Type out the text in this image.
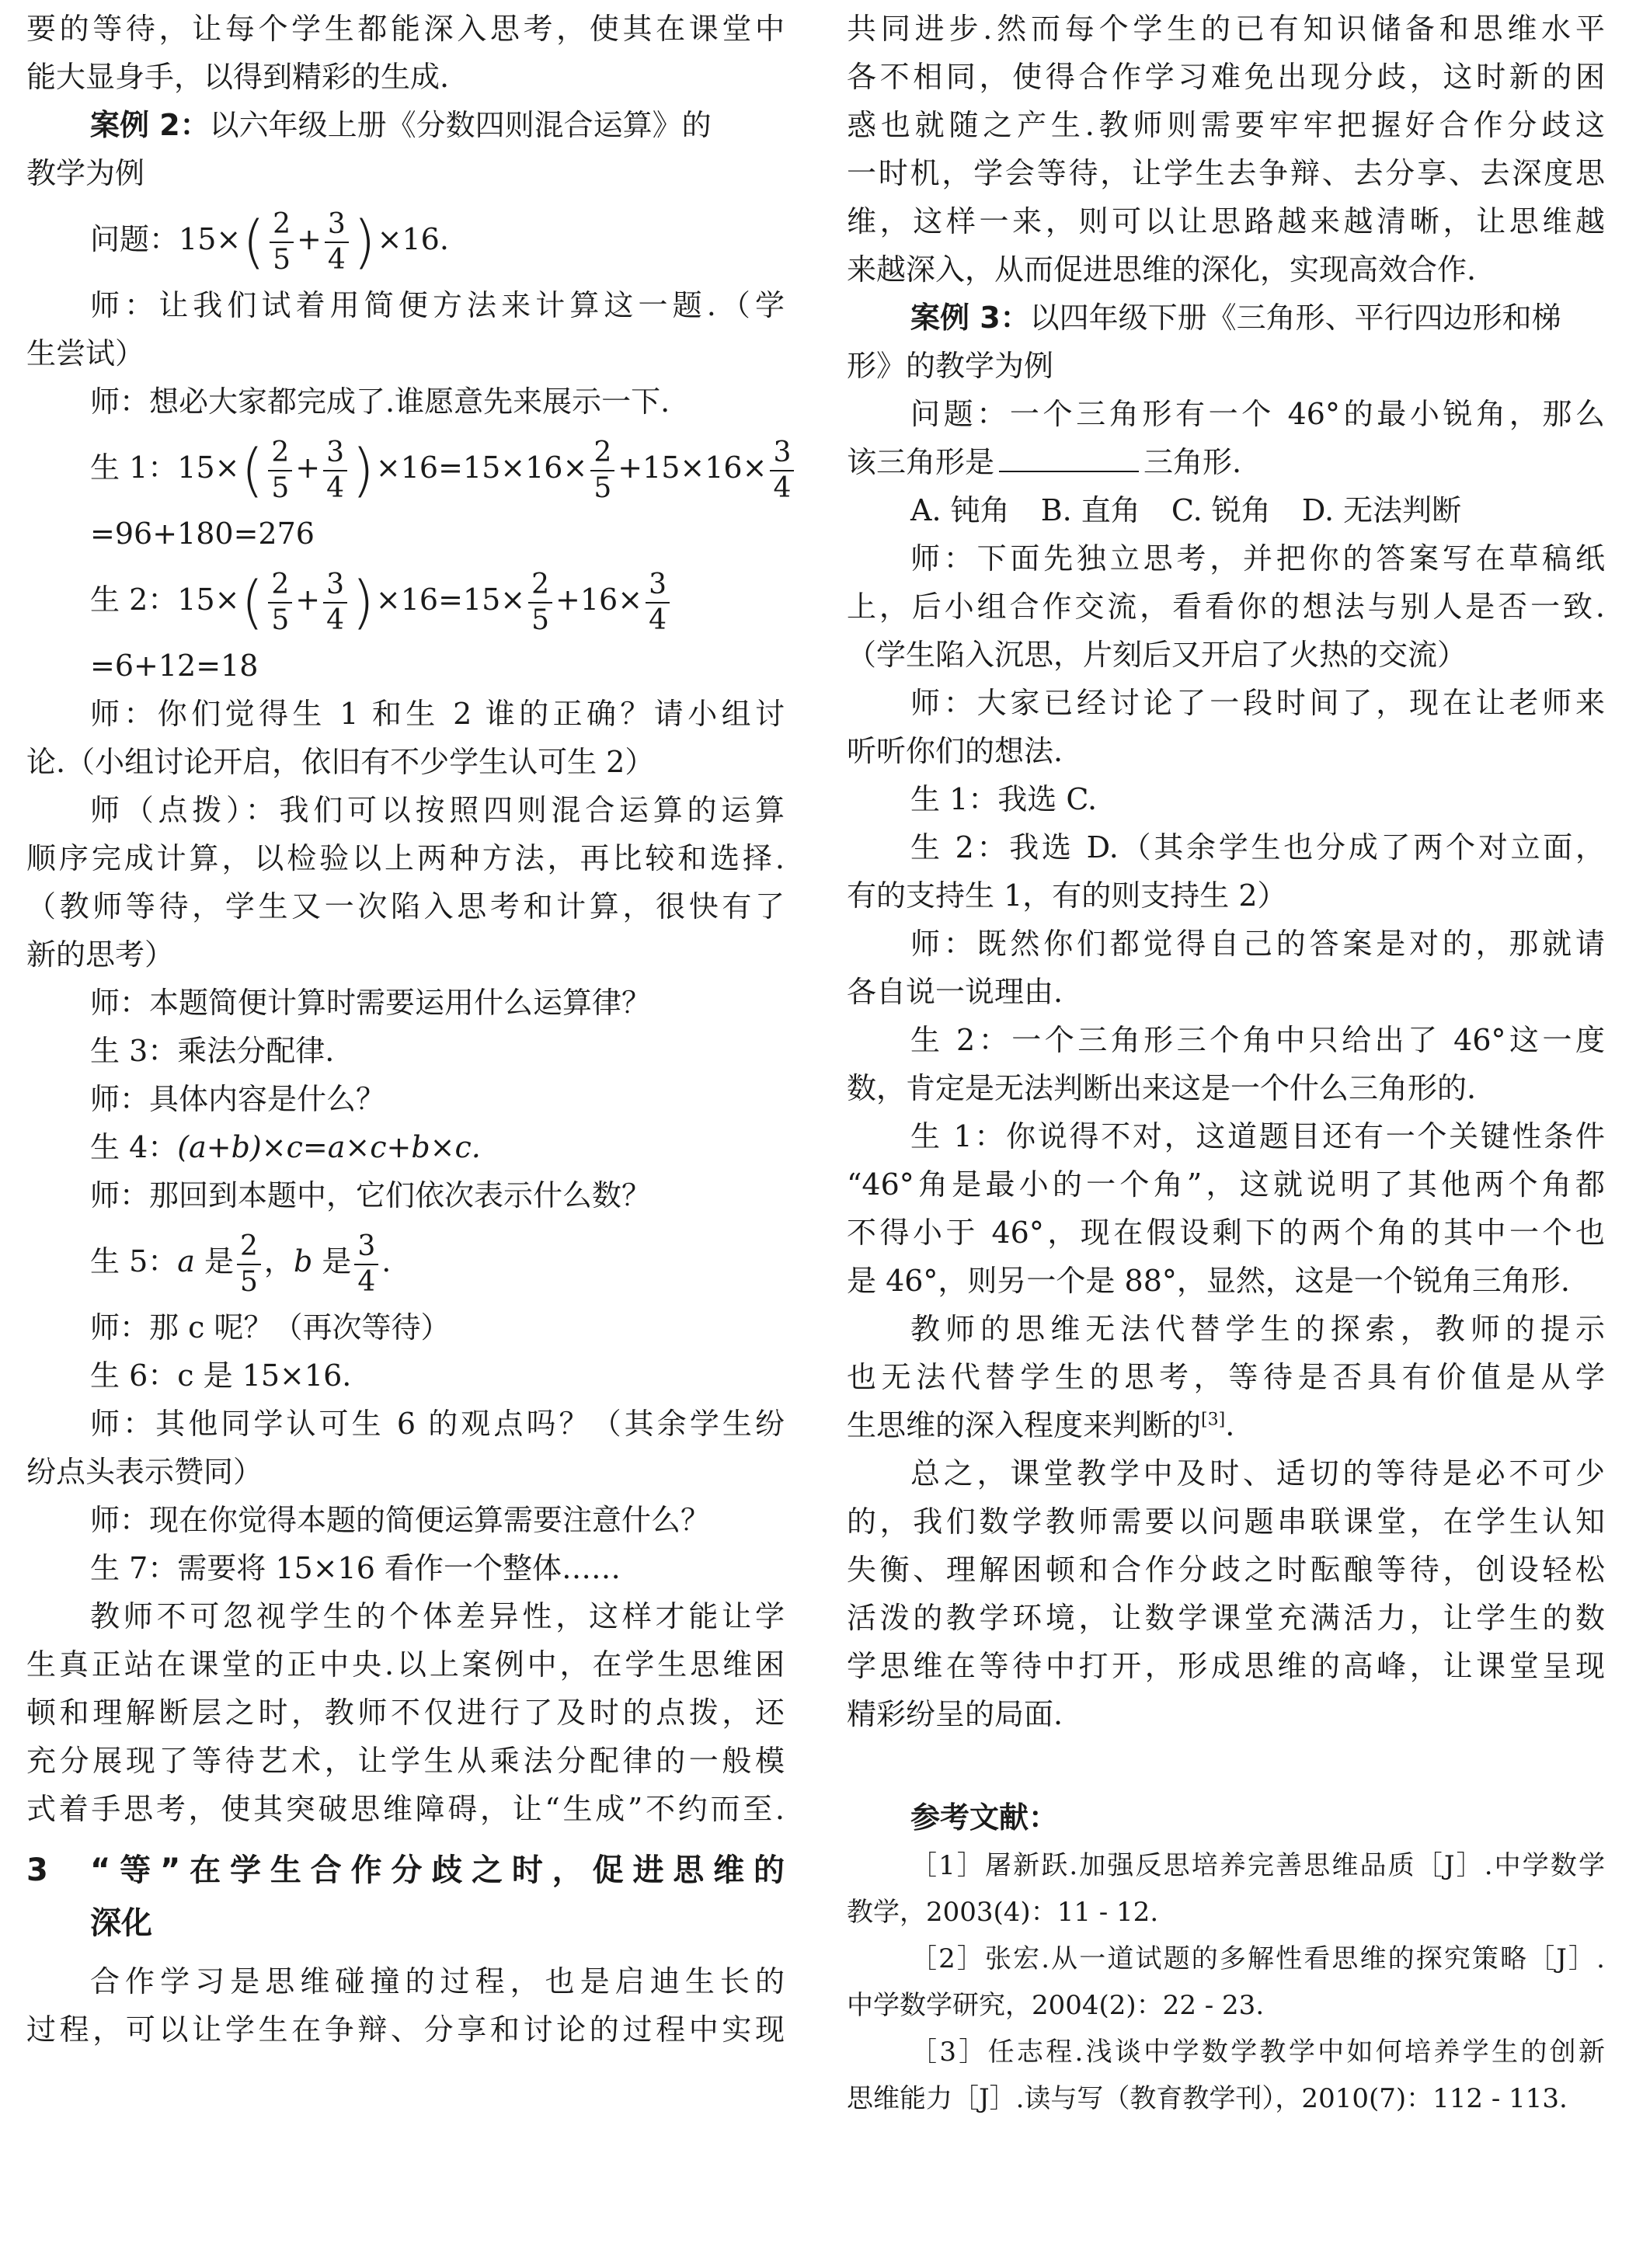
要的等待，让每个学生都能深入思考，使其在课堂中
能大显身手，以得到精彩的生成.
案例 2：以六年级上册《分数四则混合运算》的
教学为例
问题：$15\times( \frac{2}{5} + \frac{3}{4} )\times 16$.
师：让我们试着用简便方法来计算这一题.（学
生尝试）
师：想必大家都完成了.谁愿意先来展示一下.
生 1：$15\times( \frac{2}{5} + \frac{3}{4} )\times 16=15\times 16\times \frac{2}{5} +15\times 16\times \frac{3}{4}$
=96+180=276
生 2：$15\times( \frac{2}{5} + \frac{3}{4} )\times 16=15\times \frac{2}{5} +16\times \frac{3}{4}$
=6+12=18
师：你们觉得生 1 和生 2 谁的正确？请小组讨
论.（小组讨论开启，依旧有不少学生认可生 2）
师（点拨）：我们可以按照四则混合运算的运算
顺序完成计算，以检验以上两种方法，再比较和选择.
（教师等待，学生又一次陷入思考和计算，很快有了
新的思考）
师：本题简便计算时需要运用什么运算律？
生 3：乘法分配律.
师：具体内容是什么？
生 4：(a+b)×c=a×c+b×c.
师：那回到本题中，它们依次表示什么数？
生 5：a 是 $\frac{2}{5}$ ，b 是 $\frac{3}{4}$ .
师：那 c 呢？（再次等待）
生 6：c 是 15×16.
师：其他同学认可生 6 的观点吗？（其余学生纷
纷点头表示赞同）
师：现在你觉得本题的简便运算需要注意什么？
生 7：需要将 15×16 看作一个整体……
教师不可忽视学生的个体差异性，这样才能让学
生真正站在课堂的正中央.以上案例中，在学生思维困
顿和理解断层之时，教师不仅进行了及时的点拨，还
充分展现了等待艺术，让学生从乘法分配律的一般模
式着手思考，使其突破思维障碍，让“生成”不约而至.
3 “等”在学生合作分歧之时，促进思维的
深化
合作学习是思维碰撞的过程，也是启迪生长的
过程，可以让学生在争辩、分享和讨论的过程中实现
共同进步.然而每个学生的已有知识储备和思维水平
各不相同，使得合作学习难免出现分歧，这时新的困
惑也就随之产生.教师则需要牢牢把握好合作分歧这
一时机，学会等待，让学生去争辩、去分享、去深度思
维，这样一来，则可以让思路越来越清晰，让思维越
来越深入，从而促进思维的深化，实现高效合作.
案例 3：以四年级下册《三角形、平行四边形和梯
形》的教学为例
问题：一个三角形有一个 46°的最小锐角，那么
该三角形是	三角形.
A. 钝角 B. 直角 C. 锐角 D. 无法判断
师：下面先独立思考，并把你的答案写在草稿纸
上，后小组合作交流，看看你的想法与别人是否一致.
（学生陷入沉思，片刻后又开启了火热的交流）
师：大家已经讨论了一段时间了，现在让老师来
听听你们的想法.
生 1：我选 C.
生 2：我选 D.（其余学生也分成了两个对立面，
有的支持生 1，有的则支持生 2）
师：既然你们都觉得自己的答案是对的，那就请
各自说一说理由.
生 2：一个三角形三个角中只给出了 46°这一度
数，肯定是无法判断出来这是一个什么三角形的.
生 1：你说得不对，这道题目还有一个关键性条件
“46°角是最小的一个角”，这就说明了其他两个角都
不得小于 46°，现在假设剩下的两个角的其中一个也
是 46°，则另一个是 88°，显然，这是一个锐角三角形.
教师的思维无法代替学生的探索，教师的提示
也无法代替学生的思考，等待是否具有价值是从学
生思维的深入程度来判断的[3].
总之，课堂教学中及时、适切的等待是必不可少
的，我们数学教师需要以问题串联课堂，在学生认知
失衡、理解困顿和合作分歧之时酝酿等待，创设轻松
活泼的教学环境，让数学课堂充满活力，让学生的数
学思维在等待中打开，形成思维的高峰，让课堂呈现
精彩纷呈的局面.
参考文献：
［1］屠新跃.加强反思培养完善思维品质［J］.中学数学
教学，2003(4)：11 - 12.
［2］张宏.从一道试题的多解性看思维的探究策略［J］.
中学数学研究，2004(2)：22 - 23.
［3］任志程.浅谈中学数学教学中如何培养学生的创新
思维能力［J］.读与写（教育教学刊），2010(7)：112 - 113.
